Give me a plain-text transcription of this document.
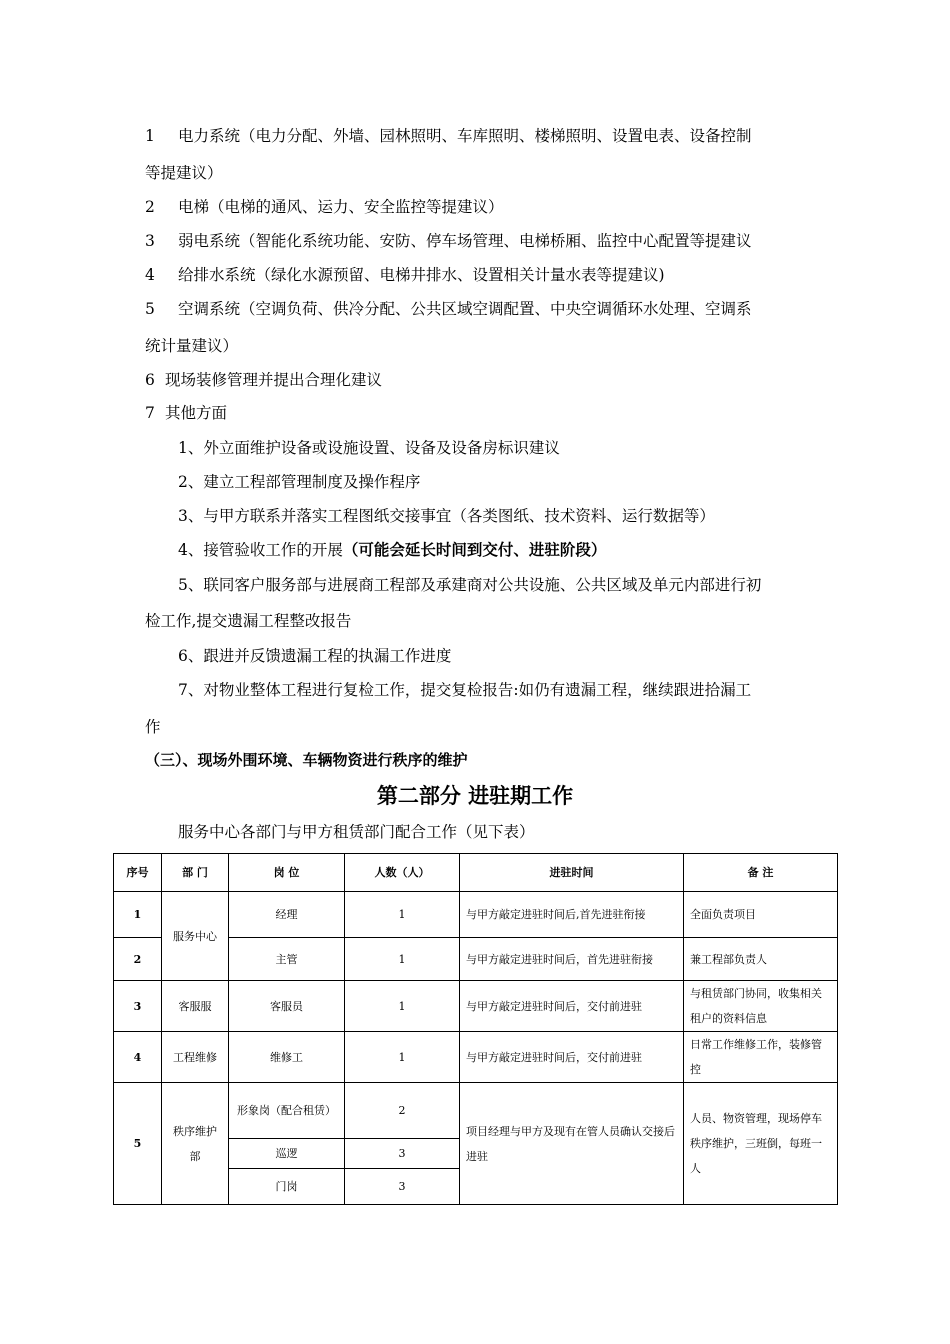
1 电力系统（电力分配、外墙、园林照明、车库照明、楼梯照明、设置电表、设备控制
等提建议）
2 电梯（电梯的通风、运力、安全监控等提建议）
3 弱电系统（智能化系统功能、安防、停车场管理、电梯桥厢、监控中心配置等提建议
4 给排水系统（绿化水源预留、电梯井排水、设置相关计量水表等提建议)
5 空调系统（空调负荷、供冷分配、公共区域空调配置、中央空调循环水处理、空调系
统计量建议）
6 现场装修管理并提出合理化建议
7 其他方面
1、外立面维护设备或设施设置、设备及设备房标识建议
2、建立工程部管理制度及操作程序
3、与甲方联系并落实工程图纸交接事宜（各类图纸、技术资料、运行数据等）
4、接管验收工作的开展（可能会延长时间到交付、进驻阶段）
5、联同客户服务部与进展商工程部及承建商对公共设施、公共区域及单元内部进行初
检工作,提交遗漏工程整改报告
6、跟进并反馈遗漏工程的执漏工作进度
7、对物业整体工程进行复检工作，提交复检报告:如仍有遗漏工程，继续跟进拾漏工
作
（三）、现场外围环境、车辆物资进行秩序的维护
第二部分 进驻期工作
服务中心各部门与甲方租赁部门配合工作（见下表）
序号	部 门	岗 位	人数（人）	进驻时间	备 注
1	服务中心	经理	1	与甲方敲定进驻时间后,首先进驻衔接	全面负责项目
2		主管	1	与甲方敲定进驻时间后，首先进驻衔接	兼工程部负责人
3	客服服	客服员	1	与甲方敲定进驻时间后，交付前进驻	与租赁部门协同，收集相关租户的资料信息
4	工程维修	维修工	1	与甲方敲定进驻时间后，交付前进驻	日常工作维修工作，装修管控
5	秩序维护部	形象岗（配合租赁）	2	项目经理与甲方及现有在管人员确认交接后进驻	人员、物资管理，现场停车秩序维护，三班倒，每班一人
		巡逻	3		
		门岗	3		
